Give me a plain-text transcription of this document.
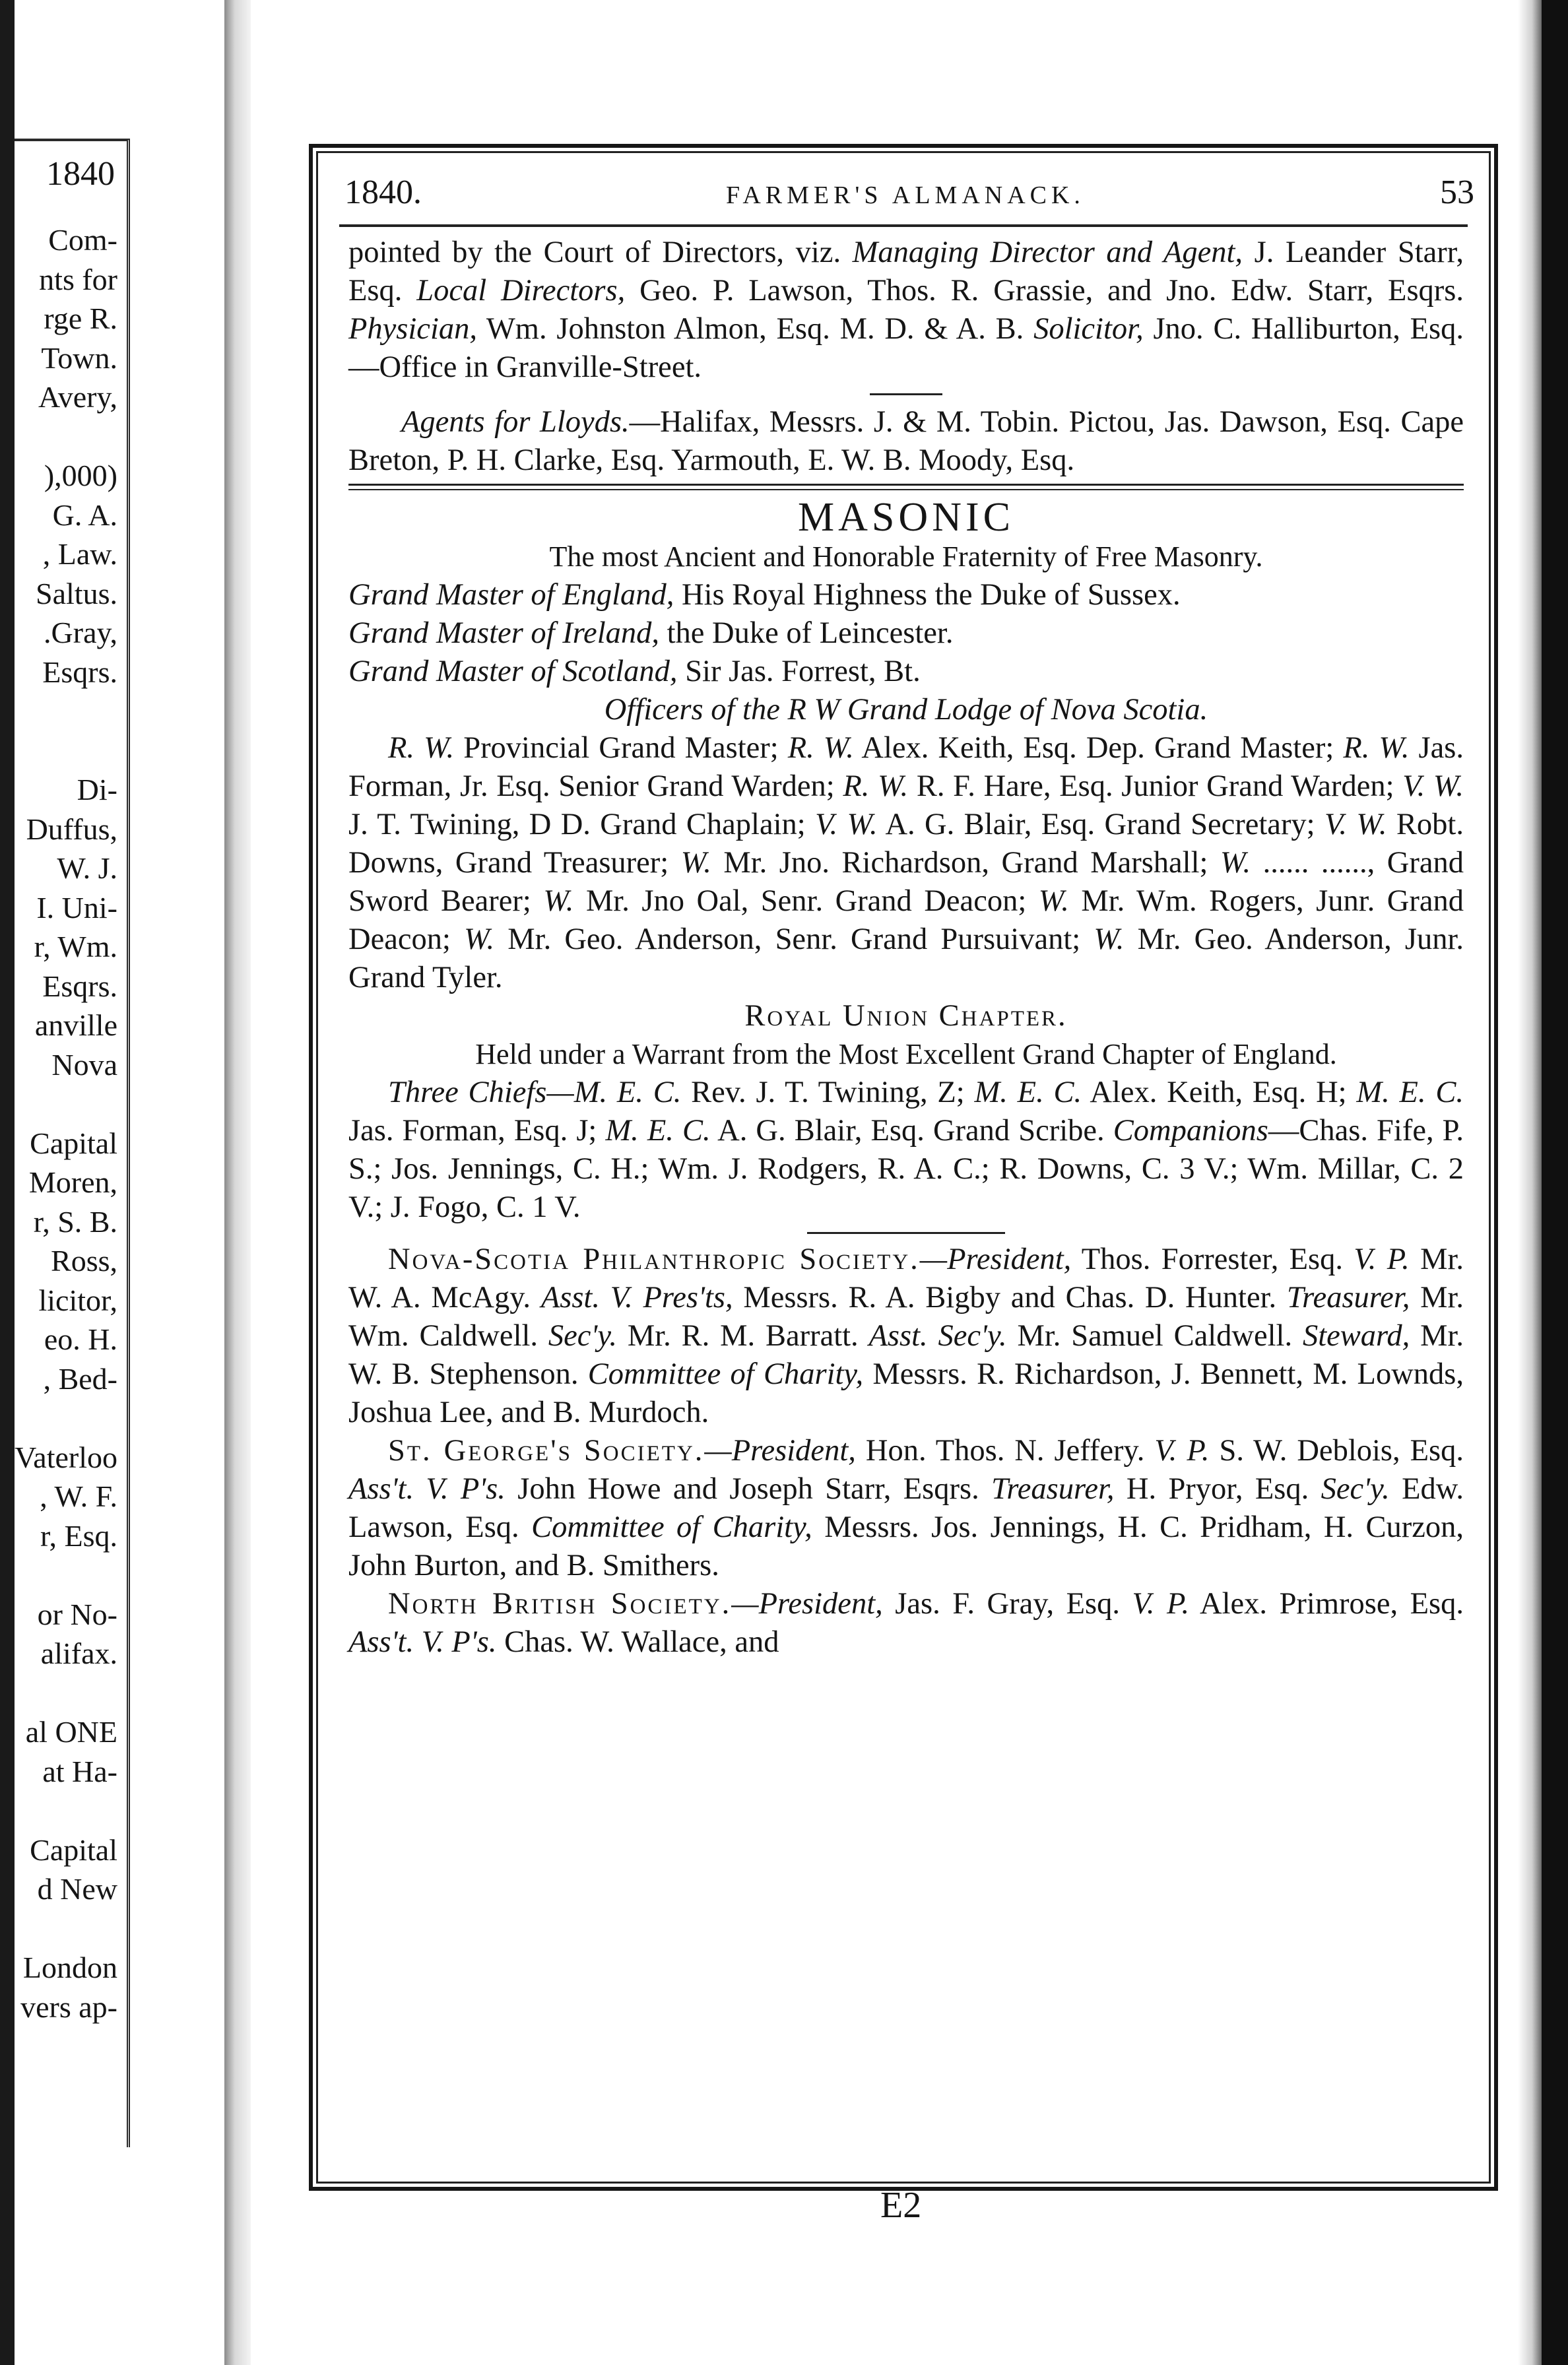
1840
Com-
nts for
rge R.
Town.
Avery,
),000)
G. A.
, Law.
Saltus.
.Gray,
Esqrs.
Di-
Duffus,
W. J.
I. Uni-
r, Wm.
Esqrs.
anville
Nova
Capital
Moren,
r, S. B.
Ross,
licitor,
eo. H.
, Bed-
Vaterloo
, W. F.
r, Esq.
or No-
alifax.
al ONE
at Ha-
Capital
d New
London
vers ap-
1840.	FARMER'S ALMANACK.	53

pointed by the Court of Directors, viz. Managing Director and Agent, J. Leander Starr, Esq. Local Directors, Geo. P. Lawson, Thos. R. Grassie, and Jno. Edw. Starr, Esqrs. Physician, Wm. Johnston Almon, Esq. M. D. & A. B. Solicitor, Jno. C. Halliburton, Esq.—Office in Granville-Street.

Agents for Lloyds.—Halifax, Messrs. J. & M. Tobin. Pictou, Jas. Dawson, Esq. Cape Breton, P. H. Clarke, Esq. Yarmouth, E. W. B. Moody, Esq.

MASONIC
The most Ancient and Honorable Fraternity of Free Masonry.

Grand Master of England, His Royal Highness the Duke of Sussex.

Grand Master of Ireland, the Duke of Leincester.

Grand Master of Scotland, Sir Jas. Forrest, Bt.

Officers of the R W Grand Lodge of Nova Scotia.

R. W. Provincial Grand Master; R. W. Alex. Keith, Esq. Dep. Grand Master; R. W. Jas. Forman, Jr. Esq. Senior Grand Warden; R. W. R. F. Hare, Esq. Junior Grand Warden; V. W. J. T. Twining, D D. Grand Chaplain; V. W. A. G. Blair, Esq. Grand Secretary; V. W. Robt. Downs, Grand Treasurer; W. Mr. Jno. Richardson, Grand Marshall; W. ...... ......, Grand Sword Bearer; W. Mr. Jno Oal, Senr. Grand Deacon; W. Mr. Wm. Rogers, Junr. Grand Deacon; W. Mr. Geo. Anderson, Senr. Grand Pursuivant; W. Mr. Geo. Anderson, Junr. Grand Tyler.

Royal Union Chapter.
Held under a Warrant from the Most Excellent Grand Chapter of England.

Three Chiefs—M. E. C. Rev. J. T. Twining, Z; M. E. C. Alex. Keith, Esq. H; M. E. C. Jas. Forman, Esq. J; M. E. C. A. G. Blair, Esq. Grand Scribe. Companions—Chas. Fife, P. S.; Jos. Jennings, C. H.; Wm. J. Rodgers, R. A. C.; R. Downs, C. 3 V.; Wm. Millar, C. 2 V.; J. Fogo, C. 1 V.

Nova-Scotia Philanthropic Society.—President, Thos. Forrester, Esq. V. P. Mr. W. A. McAgy. Asst. V. Pres'ts, Messrs. R. A. Bigby and Chas. D. Hunter. Treasurer, Mr. Wm. Caldwell. Sec'y. Mr. R. M. Barratt. Asst. Sec'y. Mr. Samuel Caldwell. Steward, Mr. W. B. Stephenson. Committee of Charity, Messrs. R. Richardson, J. Bennett, M. Lownds, Joshua Lee, and B. Murdoch.

St. George's Society.—President, Hon. Thos. N. Jeffery. V. P. S. W. Deblois, Esq. Ass't. V. P's. John Howe and Joseph Starr, Esqrs. Treasurer, H. Pryor, Esq. Sec'y. Edw. Lawson, Esq. Committee of Charity, Messrs. Jos. Jennings, H. C. Pridham, H. Curzon, John Burton, and B. Smithers.

North British Society.—President, Jas. F. Gray, Esq. V. P. Alex. Primrose, Esq. Ass't. V. P's. Chas. W. Wallace, and

E2
